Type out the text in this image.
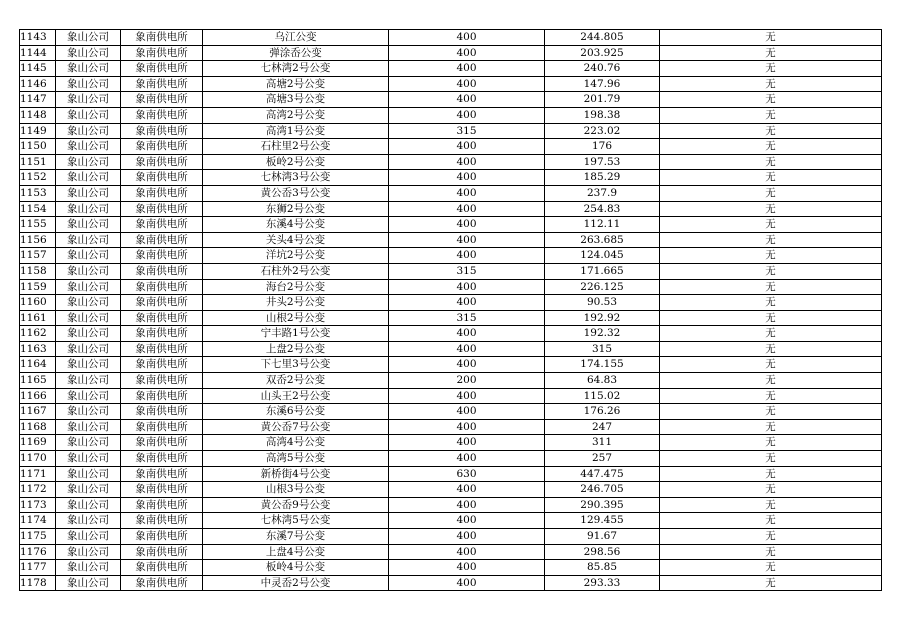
1143	象山公司	象南供电所	乌江公变	400	244.805	无
1144	象山公司	象南供电所	弹涂岙公变	400	203.925	无
1145	象山公司	象南供电所	七林湾2号公变	400	240.76	无
1146	象山公司	象南供电所	高塘2号公变	400	147.96	无
1147	象山公司	象南供电所	高塘3号公变	400	201.79	无
1148	象山公司	象南供电所	高湾2号公变	400	198.38	无
1149	象山公司	象南供电所	高湾1号公变	315	223.02	无
1150	象山公司	象南供电所	石柱里2号公变	400	176	无
1151	象山公司	象南供电所	板岭2号公变	400	197.53	无
1152	象山公司	象南供电所	七林湾3号公变	400	185.29	无
1153	象山公司	象南供电所	黄公岙3号公变	400	237.9	无
1154	象山公司	象南供电所	东狮2号公变	400	254.83	无
1155	象山公司	象南供电所	东溪4号公变	400	112.11	无
1156	象山公司	象南供电所	关头4号公变	400	263.685	无
1157	象山公司	象南供电所	洋坑2号公变	400	124.045	无
1158	象山公司	象南供电所	石柱外2号公变	315	171.665	无
1159	象山公司	象南供电所	海台2号公变	400	226.125	无
1160	象山公司	象南供电所	井头2号公变	400	90.53	无
1161	象山公司	象南供电所	山根2号公变	315	192.92	无
1162	象山公司	象南供电所	宁丰路1号公变	400	192.32	无
1163	象山公司	象南供电所	上盘2号公变	400	315	无
1164	象山公司	象南供电所	下七里3号公变	400	174.155	无
1165	象山公司	象南供电所	双岙2号公变	200	64.83	无
1166	象山公司	象南供电所	山头王2号公变	400	115.02	无
1167	象山公司	象南供电所	东溪6号公变	400	176.26	无
1168	象山公司	象南供电所	黄公岙7号公变	400	247	无
1169	象山公司	象南供电所	高湾4号公变	400	311	无
1170	象山公司	象南供电所	高湾5号公变	400	257	无
1171	象山公司	象南供电所	新桥街4号公变	630	447.475	无
1172	象山公司	象南供电所	山根3号公变	400	246.705	无
1173	象山公司	象南供电所	黄公岙9号公变	400	290.395	无
1174	象山公司	象南供电所	七林湾5号公变	400	129.455	无
1175	象山公司	象南供电所	东溪7号公变	400	91.67	无
1176	象山公司	象南供电所	上盘4号公变	400	298.56	无
1177	象山公司	象南供电所	板岭4号公变	400	85.85	无
1178	象山公司	象南供电所	中灵岙2号公变	400	293.33	无
